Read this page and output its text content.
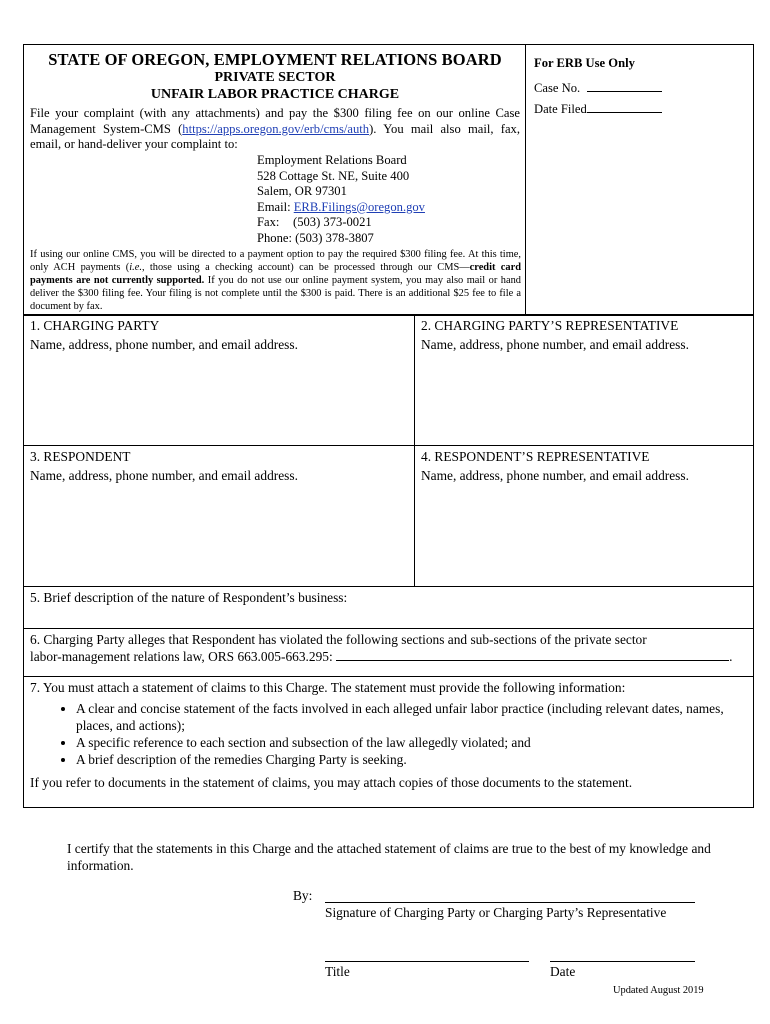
STATE OF OREGON, EMPLOYMENT RELATIONS BOARD
PRIVATE SECTOR
UNFAIR LABOR PRACTICE CHARGE
File your complaint (with any attachments) and pay the $300 filing fee on our online Case Management System-CMS (https://apps.oregon.gov/erb/cms/auth). You mail also mail, fax, email, or hand-deliver your complaint to:
Employment Relations Board
528 Cottage St. NE, Suite 400
Salem, OR 97301
Email: ERB.Filings@oregon.gov
Fax: (503) 373-0021
Phone: (503) 378-3807
If using our online CMS, you will be directed to a payment option to pay the required $300 filing fee. At this time, only ACH payments (i.e., those using a checking account) can be processed through our CMS—credit card payments are not currently supported. If you do not use our online payment system, you may also mail or hand deliver the $300 filing fee. Your filing is not complete until the $300 is paid. There is an additional $25 fee to file a document by fax.
For ERB Use Only
Case No.
Date Filed
1. CHARGING PARTY
Name, address, phone number, and email address.
2. CHARGING PARTY’S REPRESENTATIVE
Name, address, phone number, and email address.
3. RESPONDENT
Name, address, phone number, and email address.
4. RESPONDENT’S REPRESENTATIVE
Name, address, phone number, and email address.
5. Brief description of the nature of Respondent’s business:
6. Charging Party alleges that Respondent has violated the following sections and sub-sections of the private sector
labor-management relations law, ORS 663.005-663.295:	.
7. You must attach a statement of claims to this Charge. The statement must provide the following information:
• A clear and concise statement of the facts involved in each alleged unfair labor practice (including relevant dates, names, places, and actions);
• A specific reference to each section and subsection of the law allegedly violated; and
• A brief description of the remedies Charging Party is seeking.
If you refer to documents in the statement of claims, you may attach copies of those documents to the statement.
I certify that the statements in this Charge and the attached statement of claims are true to the best of my knowledge and information.
By:
Signature of Charging Party or Charging Party’s Representative
Title	Date
Updated August 2019
